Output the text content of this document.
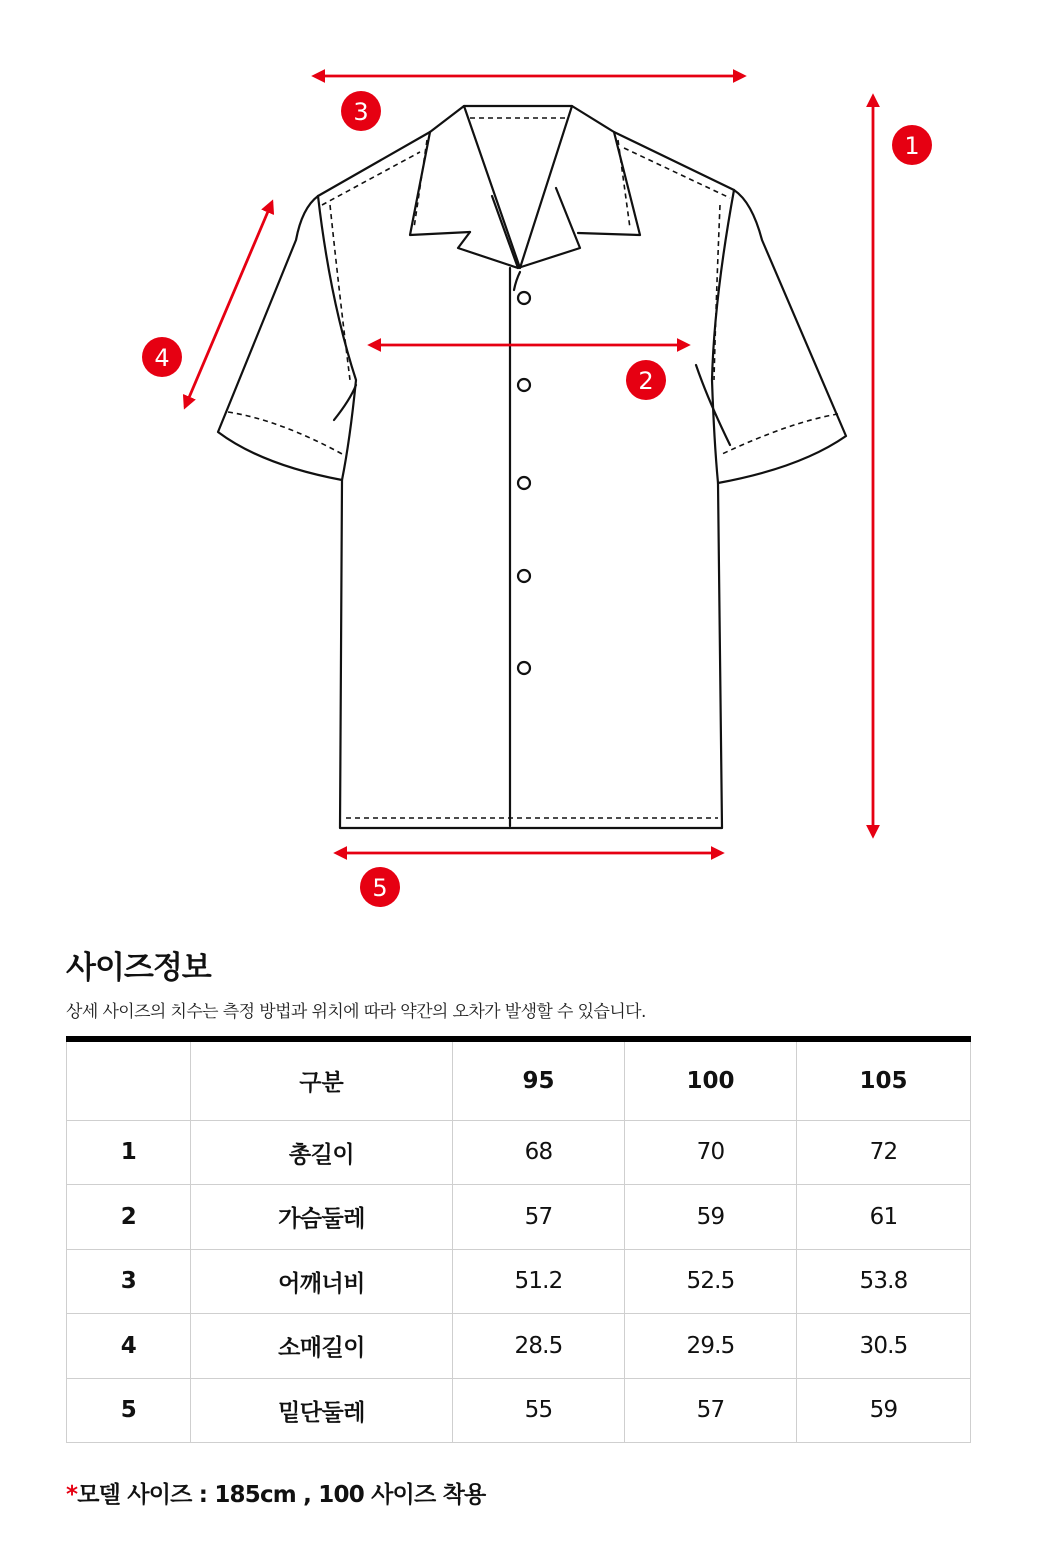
1
2
3
4
5
사이즈정보
상세 사이즈의 치수는 측정 방법과 위치에 따라 약간의 오차가 발생할 수 있습니다.
	구분	95	100	105
1	총길이	68	70	72
2	가슴둘레	57	59	61
3	어깨너비	51.2	52.5	53.8
4	소매길이	28.5	29.5	30.5
5	밑단둘레	55	57	59
*모델 사이즈 : 185cm , 100 사이즈 착용
